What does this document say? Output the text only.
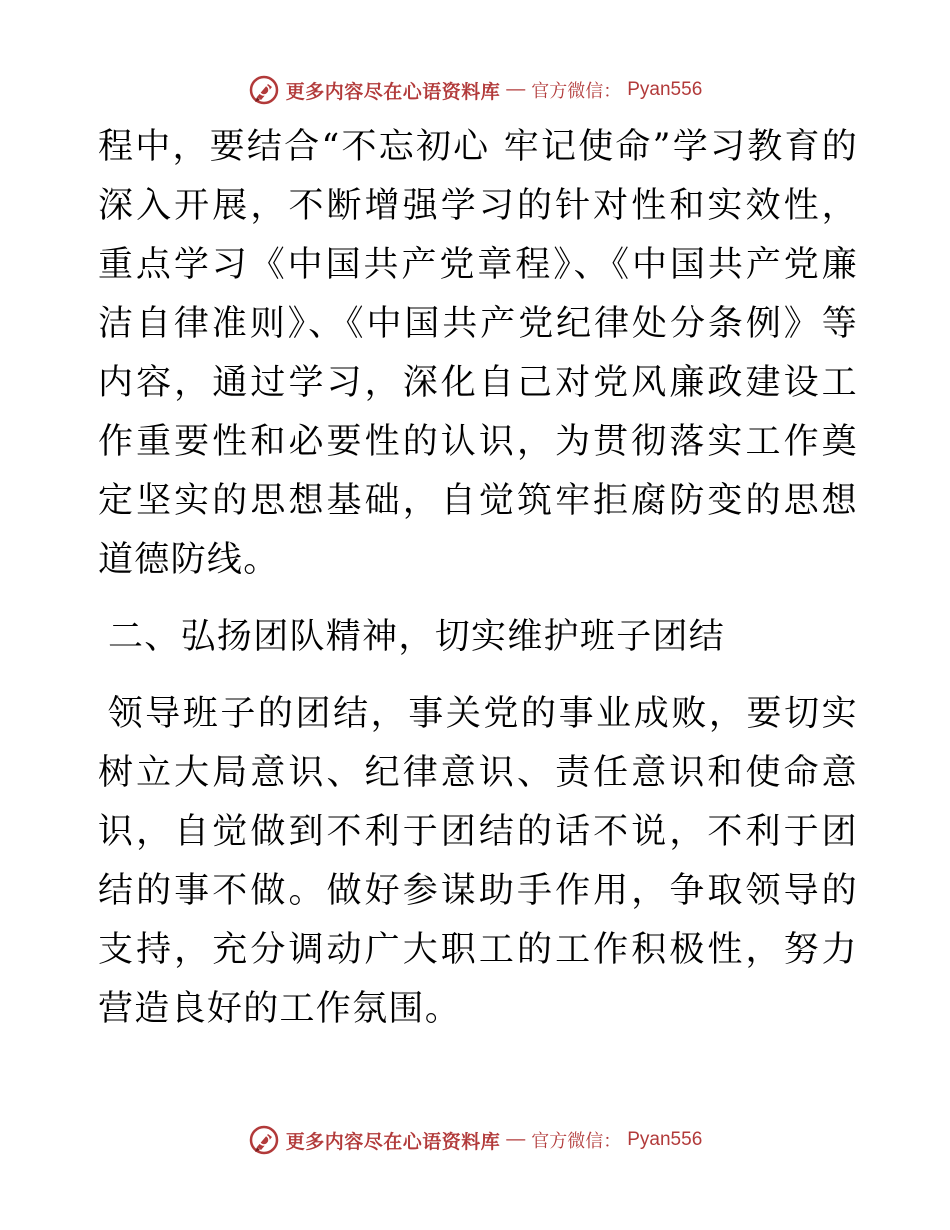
更多内容尽在心语资料库 — 官方微信： Pyan556

程中，要结合“不忘初心 牢记使命”学习教育的深入开展，不断增强学习的针对性和实效性，重点学习《中国共产党章程》、《中国共产党廉洁自律准则》、《中国共产党纪律处分条例》等内容，通过学习，深化自己对党风廉政建设工作重要性和必要性的认识，为贯彻落实工作奠定坚实的思想基础，自觉筑牢拒腐防变的思想道德防线。

二、弘扬团队精神，切实维护班子团结

 领导班子的团结，事关党的事业成败，要切实树立大局意识、纪律意识、责任意识和使命意识，自觉做到不利于团结的话不说，不利于团结的事不做。做好参谋助手作用，争取领导的支持，充分调动广大职工的工作积极性，努力营造良好的工作氛围。

更多内容尽在心语资料库 — 官方微信： Pyan556
